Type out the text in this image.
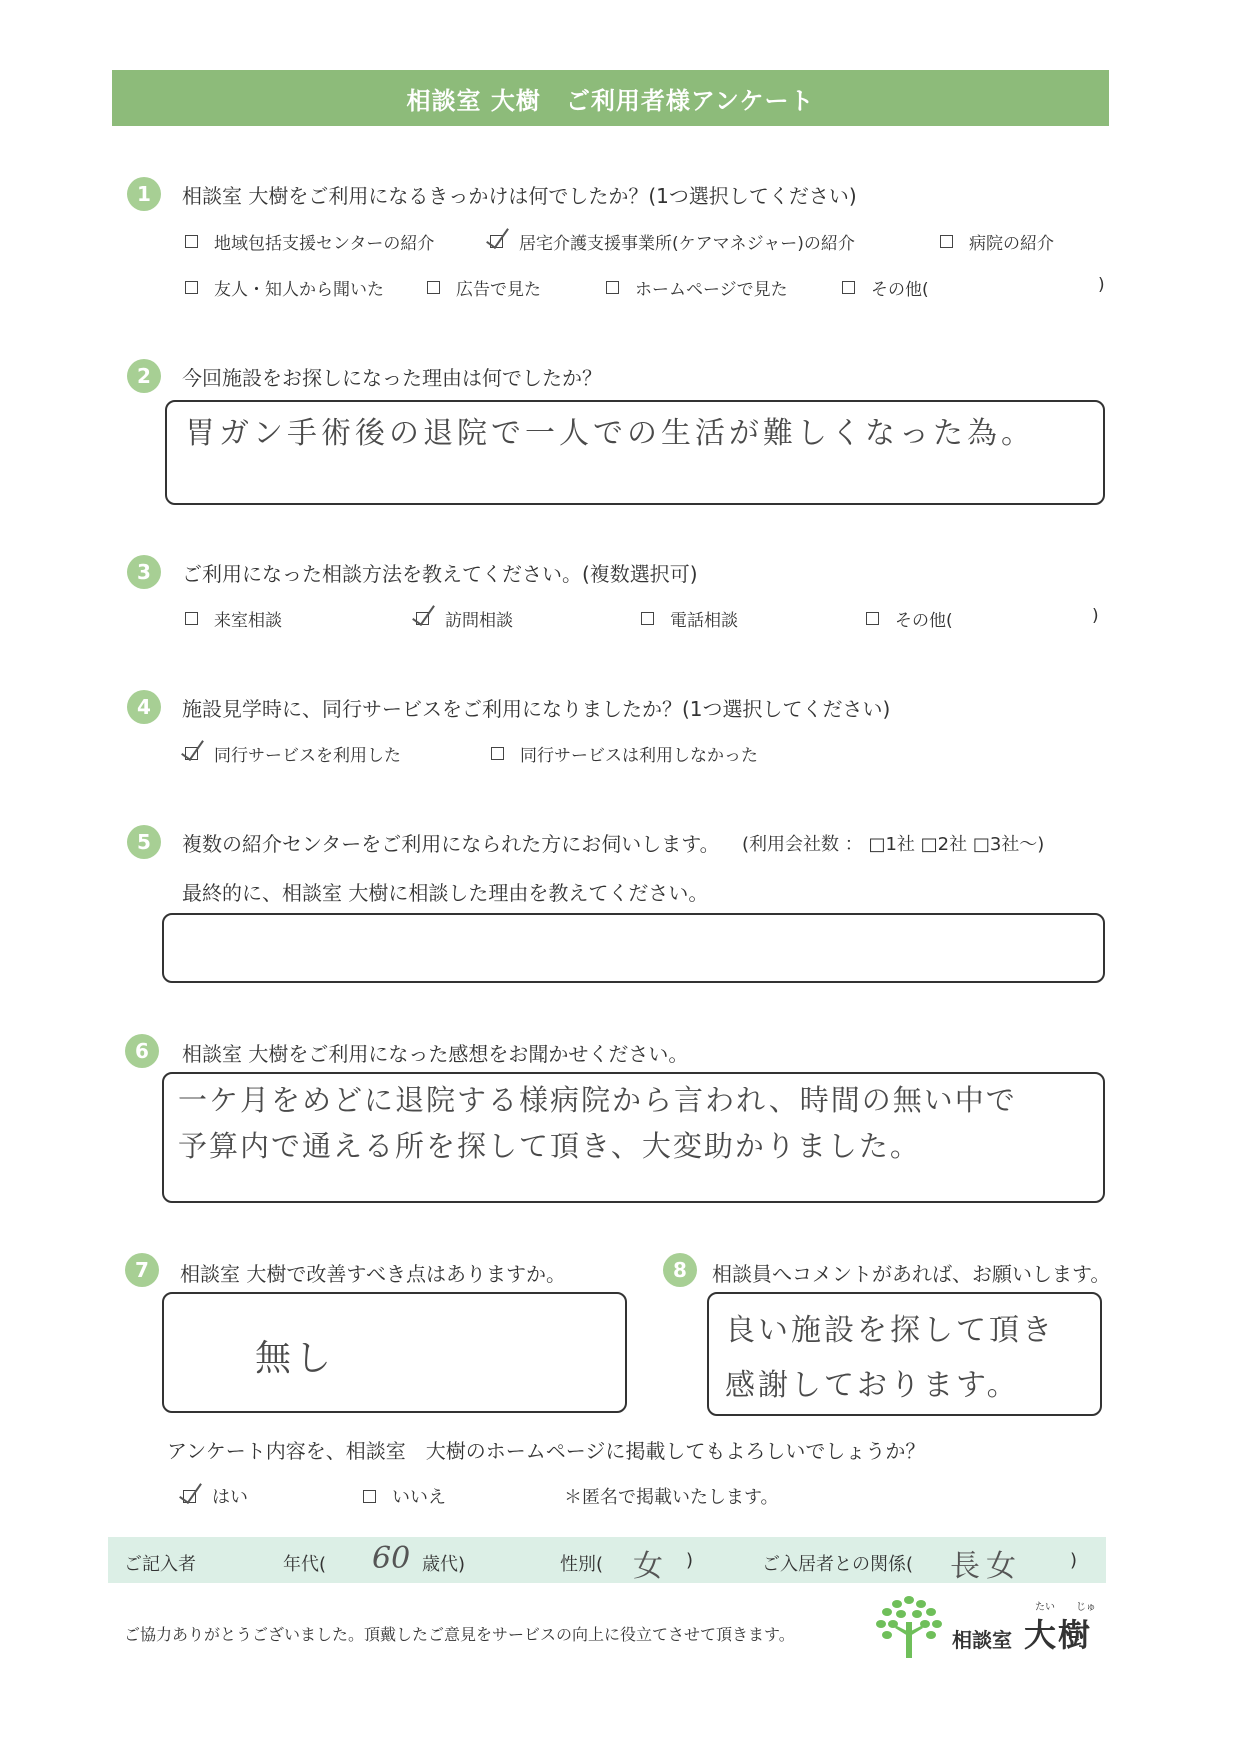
相談室 大樹　ご利用者様アンケート
1	相談室 大樹をご利用になるきっかけは何でしたか？(1つ選択してください)
地域包括支援センターの紹介	居宅介護支援事業所(ケアマネジャー)の紹介	病院の紹介
友人・知人から聞いた	広告で見た	ホームページで見た	その他(	)
2	今回施設をお探しになった理由は何でしたか？
胃ガン手術後の退院で一人での生活が難しくなった為。
3	ご利用になった相談方法を教えてください。(複数選択可)
来室相談	訪問相談	電話相談	その他(	)
4	施設見学時に、同行サービスをご利用になりましたか？(1つ選択してください)
同行サービスを利用した	同行サービスは利用しなかった
5	複数の紹介センターをご利用になられた方にお伺いします。 (利用会社数 ： □1社 □2社 □3社～)
最終的に、相談室 大樹に相談した理由を教えてください。
6	相談室 大樹をご利用になった感想をお聞かせください。
一ケ月をめどに退院する様病院から言われ、時間の無い中で
予算内で通える所を探して頂き、大変助かりました。
7	相談室 大樹で改善すべき点はありますか。
無し
8	相談員へコメントがあれば、お願いします。
良い施設を探して頂き
感謝しております。
アンケート内容を、相談室　大樹のホームページに掲載してもよろしいでしょうか？
はい	いいえ	＊匿名で掲載いたします。
ご記入者	年代( 60 歳代)	性別( 女 )	ご入居者との関係( 長女	)
ご協力ありがとうございました。頂戴したご意見をサービスの向上に役立てさせて頂きます。	相談室
たい じゅ
大樹
